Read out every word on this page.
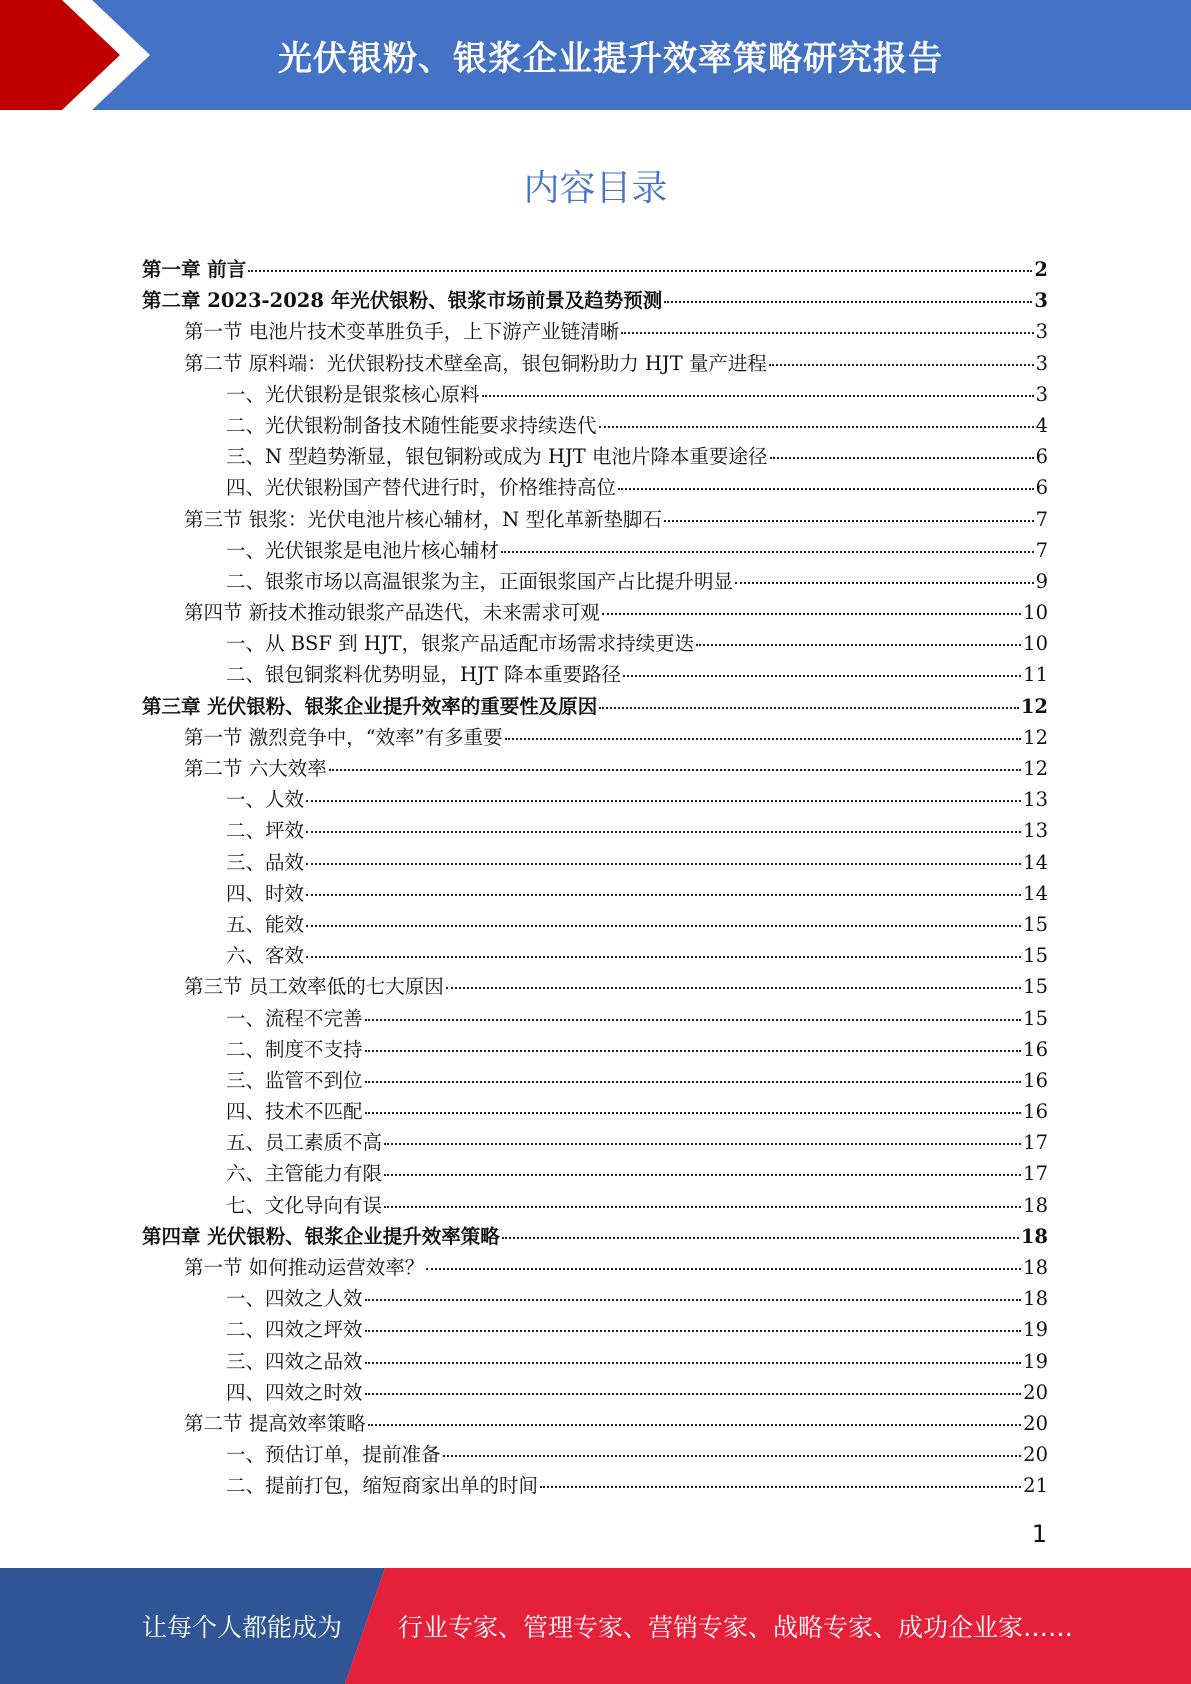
光伏银粉、银浆企业提升效率策略研究报告
内容目录
第一章 前言	2
第二章 2023-2028 年光伏银粉、银浆市场前景及趋势预测	3
第一节 电池片技术变革胜负手，上下游产业链清晰	3
第二节 原料端：光伏银粉技术壁垒高，银包铜粉助力 HJT 量产进程	3
一、光伏银粉是银浆核心原料	3
二、光伏银粉制备技术随性能要求持续迭代	4
三、N 型趋势渐显，银包铜粉或成为 HJT 电池片降本重要途径	6
四、光伏银粉国产替代进行时，价格维持高位	6
第三节 银浆：光伏电池片核心辅材，N 型化革新垫脚石	7
一、光伏银浆是电池片核心辅材	7
二、银浆市场以高温银浆为主，正面银浆国产占比提升明显	9
第四节 新技术推动银浆产品迭代，未来需求可观	10
一、从 BSF 到 HJT，银浆产品适配市场需求持续更迭	10
二、银包铜浆料优势明显，HJT 降本重要路径	11
第三章 光伏银粉、银浆企业提升效率的重要性及原因	12
第一节 激烈竞争中，“效率”有多重要	12
第二节 六大效率	12
一、人效	13
二、坪效	13
三、品效	14
四、时效	14
五、能效	15
六、客效	15
第三节 员工效率低的七大原因	15
一、流程不完善	15
二、制度不支持	16
三、监管不到位	16
四、技术不匹配	16
五、员工素质不高	17
六、主管能力有限	17
七、文化导向有误	18
第四章 光伏银粉、银浆企业提升效率策略	18
第一节 如何推动运营效率？	18
一、四效之人效	18
二、四效之坪效	19
三、四效之品效	19
四、四效之时效	20
第二节 提高效率策略	20
一、预估订单，提前准备	20
二、提前打包，缩短商家出单的时间	21
1
让每个人都能成为 行业专家、管理专家、营销专家、战略专家、成功企业家……
